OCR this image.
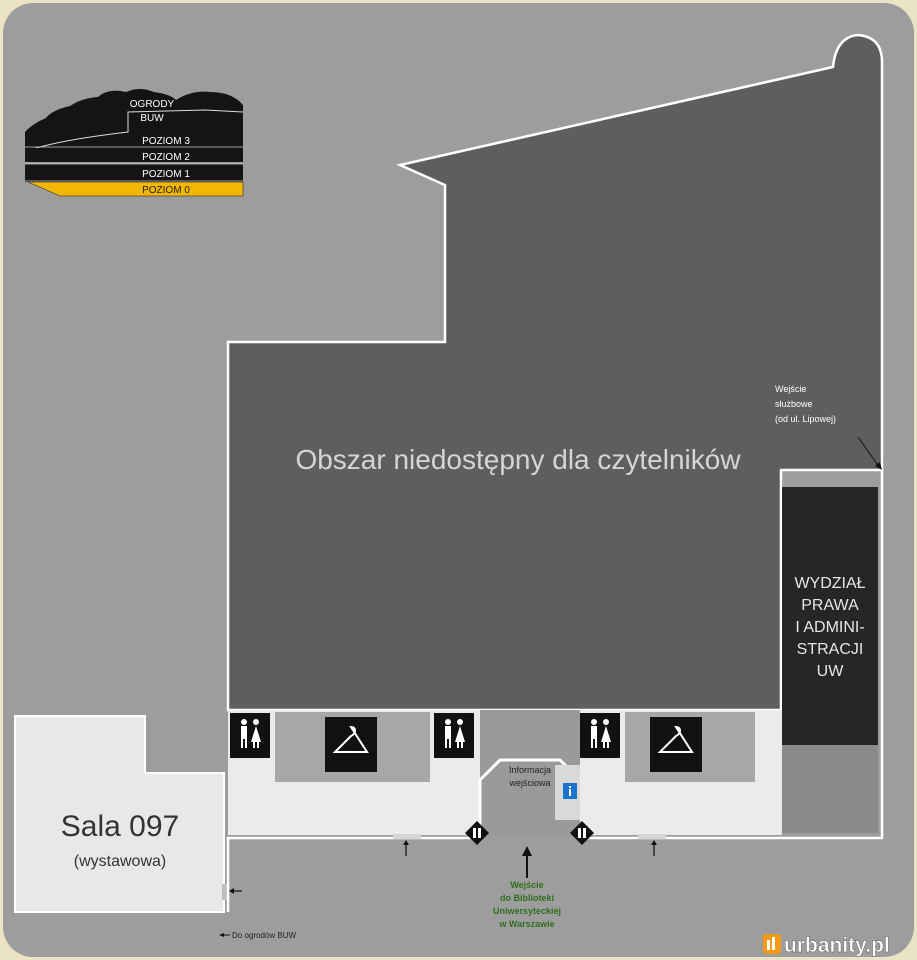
OGRODY
BUW
POZIOM 3
POZIOM 2
POZIOM 1
POZIOM 0
Obszar niedostępny dla czytelników
WYDZIAŁ
PRAWA
I ADMINI-
STRACJI
UW
Sala 097
(wystawowa)
Wejście
służbowe
(od ul. Lipowej)
Informacja
wejściowa
Wejście
do Biblioteki
Uniwersyteckiej
w Warszawie
Do ogrodów BUW	urbanity.pl
